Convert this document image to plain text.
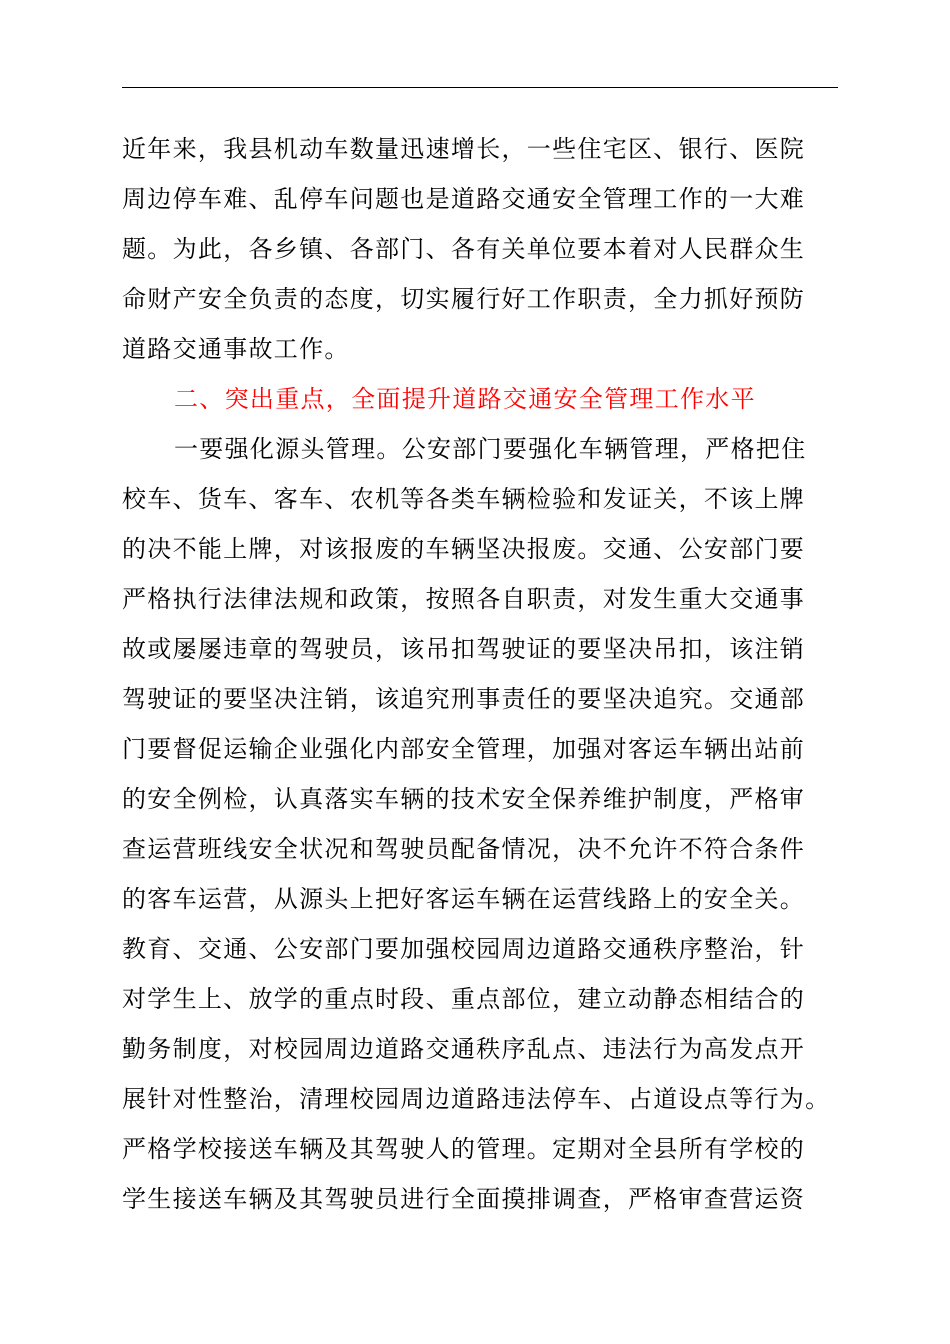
近年来，我县机动车数量迅速增长，一些住宅区、银行、医院
周边停车难、乱停车问题也是道路交通安全管理工作的一大难
题。为此，各乡镇、各部门、各有关单位要本着对人民群众生
命财产安全负责的态度，切实履行好工作职责，全力抓好预防
道路交通事故工作。
二、突出重点，全面提升道路交通安全管理工作水平
一要强化源头管理。公安部门要强化车辆管理，严格把住
校车、货车、客车、农机等各类车辆检验和发证关，不该上牌
的决不能上牌，对该报废的车辆坚决报废。交通、公安部门要
严格执行法律法规和政策，按照各自职责，对发生重大交通事
故或屡屡违章的驾驶员，该吊扣驾驶证的要坚决吊扣，该注销
驾驶证的要坚决注销，该追究刑事责任的要坚决追究。交通部
门要督促运输企业强化内部安全管理，加强对客运车辆出站前
的安全例检，认真落实车辆的技术安全保养维护制度，严格审
查运营班线安全状况和驾驶员配备情况，决不允许不符合条件
的客车运营，从源头上把好客运车辆在运营线路上的安全关。
教育、交通、公安部门要加强校园周边道路交通秩序整治，针
对学生上、放学的重点时段、重点部位，建立动静态相结合的
勤务制度，对校园周边道路交通秩序乱点、违法行为高发点开
展针对性整治，清理校园周边道路违法停车、占道设点等行为。
严格学校接送车辆及其驾驶人的管理。定期对全县所有学校的
学生接送车辆及其驾驶员进行全面摸排调查，严格审查营运资
